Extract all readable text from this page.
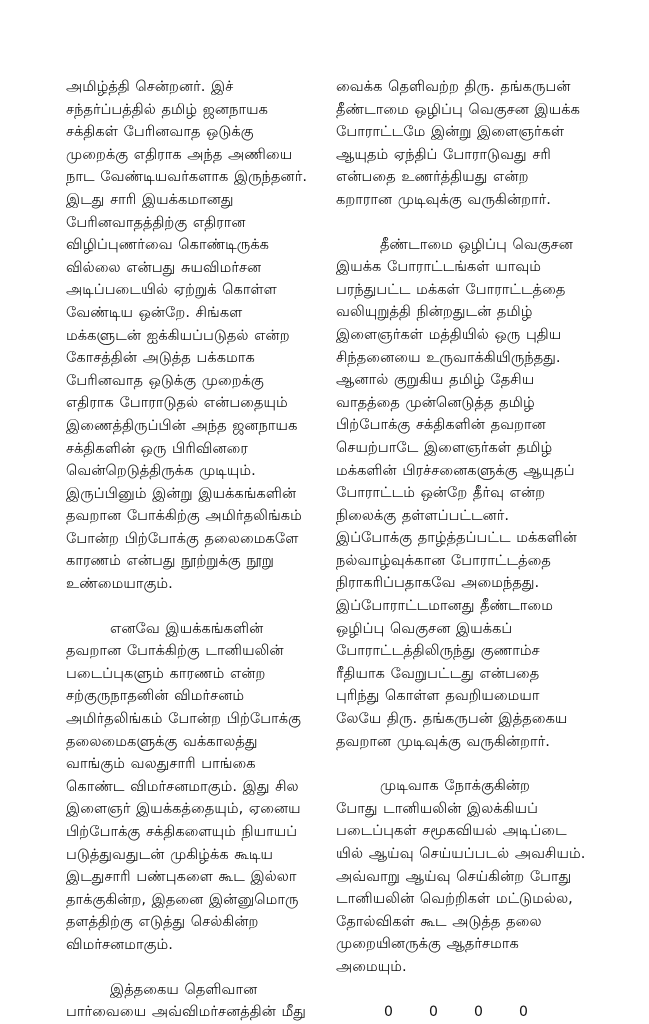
அமிழ்த்தி சென்றனர். இச்
சந்தர்ப்பத்தில் தமிழ் ஜனநாயக
சக்திகள் பேரினவாத ஒடுக்கு
முறைக்கு எதிராக அந்த அணியை
நாட வேண்டியவர்களாக இருந்தனர்.
இடது சாரி இயக்கமானது
பேரினவாதத்திற்கு எதிரான
விழிப்புணர்வை கொண்டிருக்க
வில்லை என்பது சுயவிமர்சன
அடிப்படையில் ஏற்றுக் கொள்ள
வேண்டிய ஒன்றே. சிங்கள
மக்களுடன் ஐக்கியப்படுதல் என்ற
கோசத்தின் அடுத்த பக்கமாக
பேரினவாத ஒடுக்கு முறைக்கு
எதிராக போராடுதல் என்பதையும்
இணைத்திருப்பின் அந்த ஜனநாயக
சக்திகளின் ஒரு பிரிவினரை
வென்றெடுத்திருக்க முடியும்.
இருப்பினும் இன்று இயக்கங்களின்
தவறான போக்கிற்கு அமிர்தலிங்கம்
போன்ற பிற்போக்கு தலைமைகளே
காரணம் என்பது நூற்றுக்கு நூறு
உண்மையாகும்.

எனவே இயக்கங்களின்
தவறான போக்கிற்கு டானியலின்
படைப்புகளும் காரணம் என்ற
சற்குருநாதனின் விமர்சனம்
அமிர்தலிங்கம் போன்ற பிற்போக்கு
தலைமைகளுக்கு வக்காலத்து
வாங்கும் வலதுசாரி பாங்கை
கொண்ட விமர்சனமாகும். இது சில
இளைஞர் இயக்கத்தையும், ஏனைய
பிற்போக்கு சக்திகளையும் நியாயப்
படுத்துவதுடன் முகிழ்க்க கூடிய
இடதுசாரி பண்புகளை கூட இல்லா
தாக்குகின்ற, இதனை இன்னுமொரு
தளத்திற்கு எடுத்து செல்கின்ற
விமர்சனமாகும்.

இத்தகைய தெளிவான
பார்வையை அவ்விமர்சனத்தின் மீது

வைக்க தெளிவற்ற திரு. தங்கருபன்
தீண்டாமை ஒழிப்பு வெகுசன இயக்க
போராட்டமே இன்று இளைஞர்கள்
ஆயுதம் ஏந்திப் போராடுவது சரி
என்பதை உணர்த்தியது என்ற
கறாரான முடிவுக்கு வருகின்றார்.

தீண்டாமை ஒழிப்பு வெகுசன
இயக்க போராட்டங்கள் யாவும்
பரந்துபட்ட மக்கள் போராட்டத்தை
வலியுறுத்தி நின்றதுடன் தமிழ்
இளைஞர்கள் மத்தியில் ஒரு புதிய
சிந்தனையை உருவாக்கியிருந்தது.
ஆனால் குறுகிய தமிழ் தேசிய
வாதத்தை முன்னெடுத்த தமிழ்
பிற்போக்கு சக்திகளின் தவறான
செயற்பாடே இளைஞர்கள் தமிழ்
மக்களின் பிரச்சனைகளுக்கு ஆயுதப்
போராட்டம் ஒன்றே தீர்வு என்ற
நிலைக்கு தள்ளப்பட்டனர்.
இப்போக்கு தாழ்த்தப்பட்ட மக்களின்
நல்வாழ்வுக்கான போராட்டத்தை
நிராகரிப்பதாகவே அமைந்தது.
இப்போராட்டமானது தீண்டாமை
ஒழிப்பு வெகுசன இயக்கப்
போராட்டத்திலிருந்து குணாம்ச
ரீதியாக வேறுபட்டது என்பதை
புரிந்து கொள்ள தவறியமையா
லேயே திரு. தங்கருபன் இத்தகைய
தவறான முடிவுக்கு வருகின்றார்.

முடிவாக நோக்குகின்ற
போது டானியலின் இலக்கியப்
படைப்புகள் சமூகவியல் அடிப்டை
யில் ஆய்வு செய்யப்படல் அவசியம்.
அவ்வாறு ஆய்வு செய்கின்ற போது
டானியலின் வெற்றிகள் மட்டுமல்ல,
தோல்விகள் கூட அடுத்த தலை
முறையினருக்கு ஆதர்சமாக
அமையும்.

0	0	0	0
